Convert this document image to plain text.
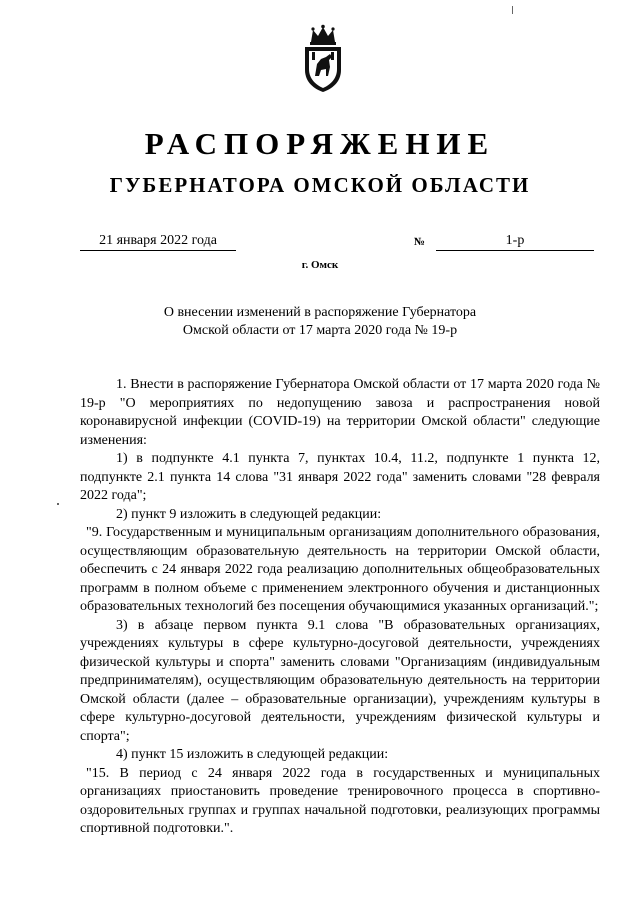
РАСПОРЯЖЕНИЕ
ГУБЕРНАТОРА ОМСКОЙ ОБЛАСТИ
21 января 2022 года	№	1-р
г. Омск
О внесении изменений в распоряжение Губернатора
Омской области от 17 марта 2020 года № 19-р

1. Внести в распоряжение Губернатора Омской области от 17 марта 2020 года № 19-р "О мероприятиях по недопущению завоза и распространения новой коронавирусной инфекции (COVID-19) на территории Омской области" следующие изменения:

1) в подпункте 4.1 пункта 7, пунктах 10.4, 11.2, подпункте 1 пункта 12, подпункте 2.1 пункта 14 слова "31 января 2022 года" заменить словами "28 февраля 2022 года";

2) пункт 9 изложить в следующей редакции:

"9. Государственным и муниципальным организациям дополнительного образования, осуществляющим образовательную деятельность на территории Омской области, обеспечить с 24 января 2022 года реализацию дополнительных общеобразовательных программ в полном объеме с применением электронного обучения и дистанционных образовательных технологий без посещения обучающимися указанных организаций.";

3) в абзаце первом пункта 9.1 слова "В образовательных организациях, учреждениях культуры в сфере культурно-досуговой деятельности, учреждениях физической культуры и спорта" заменить словами "Организациям (индивидуальным предпринимателям), осуществляющим образовательную деятельность на территории Омской области (далее – образовательные организации), учреждениям культуры в сфере культурно-досуговой деятельности, учреждениям физической культуры и спорта";

4) пункт 15 изложить в следующей редакции:

"15. В период с 24 января 2022 года в государственных и муниципальных организациях приостановить проведение тренировочного процесса в спортивно-оздоровительных группах и группах начальной подготовки, реализующих программы спортивной подготовки.".
